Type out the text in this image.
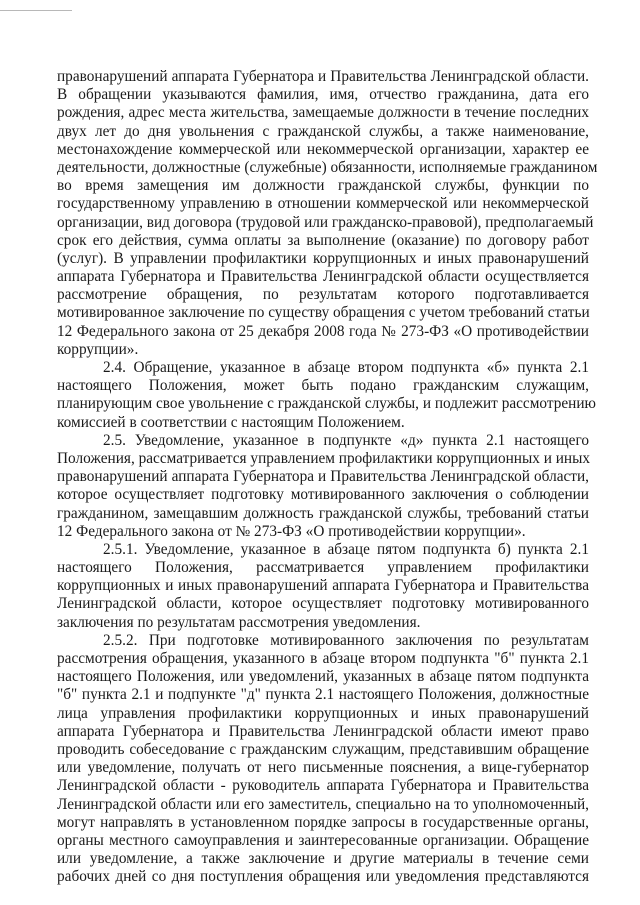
правонарушений аппарата Губернатора и Правительства Ленинградской области.
В обращении указываются фамилия, имя, отчество гражданина, дата его
рождения, адрес места жительства, замещаемые должности в течение последних
двух лет до дня увольнения с гражданской службы, а также наименование,
местонахождение коммерческой или некоммерческой организации, характер ее
деятельности, должностные (служебные) обязанности, исполняемые гражданином
во время замещения им должности гражданской службы, функции по
государственному управлению в отношении коммерческой или некоммерческой
организации, вид договора (трудовой или гражданско-правовой), предполагаемый
срок его действия, сумма оплаты за выполнение (оказание) по договору работ
(услуг). В управлении профилактики коррупционных и иных правонарушений
аппарата Губернатора и Правительства Ленинградской области осуществляется
рассмотрение обращения, по результатам которого подготавливается
мотивированное заключение по существу обращения с учетом требований статьи
12 Федерального закона от 25 декабря 2008 года № 273-ФЗ «О противодействии
коррупции».
2.4. Обращение, указанное в абзаце втором подпункта «б» пункта 2.1
настоящего Положения, может быть подано гражданским служащим,
планирующим свое увольнение с гражданской службы, и подлежит рассмотрению
комиссией в соответствии с настоящим Положением.
2.5. Уведомление, указанное в подпункте «д» пункта 2.1 настоящего
Положения, рассматривается управлением профилактики коррупционных и иных
правонарушений аппарата Губернатора и Правительства Ленинградской области,
которое осуществляет подготовку мотивированного заключения о соблюдении
гражданином, замещавшим должность гражданской службы, требований статьи
12 Федерального закона от № 273-ФЗ «О противодействии коррупции».
2.5.1. Уведомление, указанное в абзаце пятом подпункта б) пункта 2.1
настоящего Положения, рассматривается управлением профилактики
коррупционных и иных правонарушений аппарата Губернатора и Правительства
Ленинградской области, которое осуществляет подготовку мотивированного
заключения по результатам рассмотрения уведомления.
2.5.2. При подготовке мотивированного заключения по результатам
рассмотрения обращения, указанного в абзаце втором подпункта "б" пункта 2.1
настоящего Положения, или уведомлений, указанных в абзаце пятом подпункта
"б" пункта 2.1 и подпункте "д" пункта 2.1 настоящего Положения, должностные
лица управления профилактики коррупционных и иных правонарушений
аппарата Губернатора и Правительства Ленинградской области имеют право
проводить собеседование с гражданским служащим, представившим обращение
или уведомление, получать от него письменные пояснения, а вице-губернатор
Ленинградской области - руководитель аппарата Губернатора и Правительства
Ленинградской области или его заместитель, специально на то уполномоченный,
могут направлять в установленном порядке запросы в государственные органы,
органы местного самоуправления и заинтересованные организации. Обращение
или уведомление, а также заключение и другие материалы в течение семи
рабочих дней со дня поступления обращения или уведомления представляются
